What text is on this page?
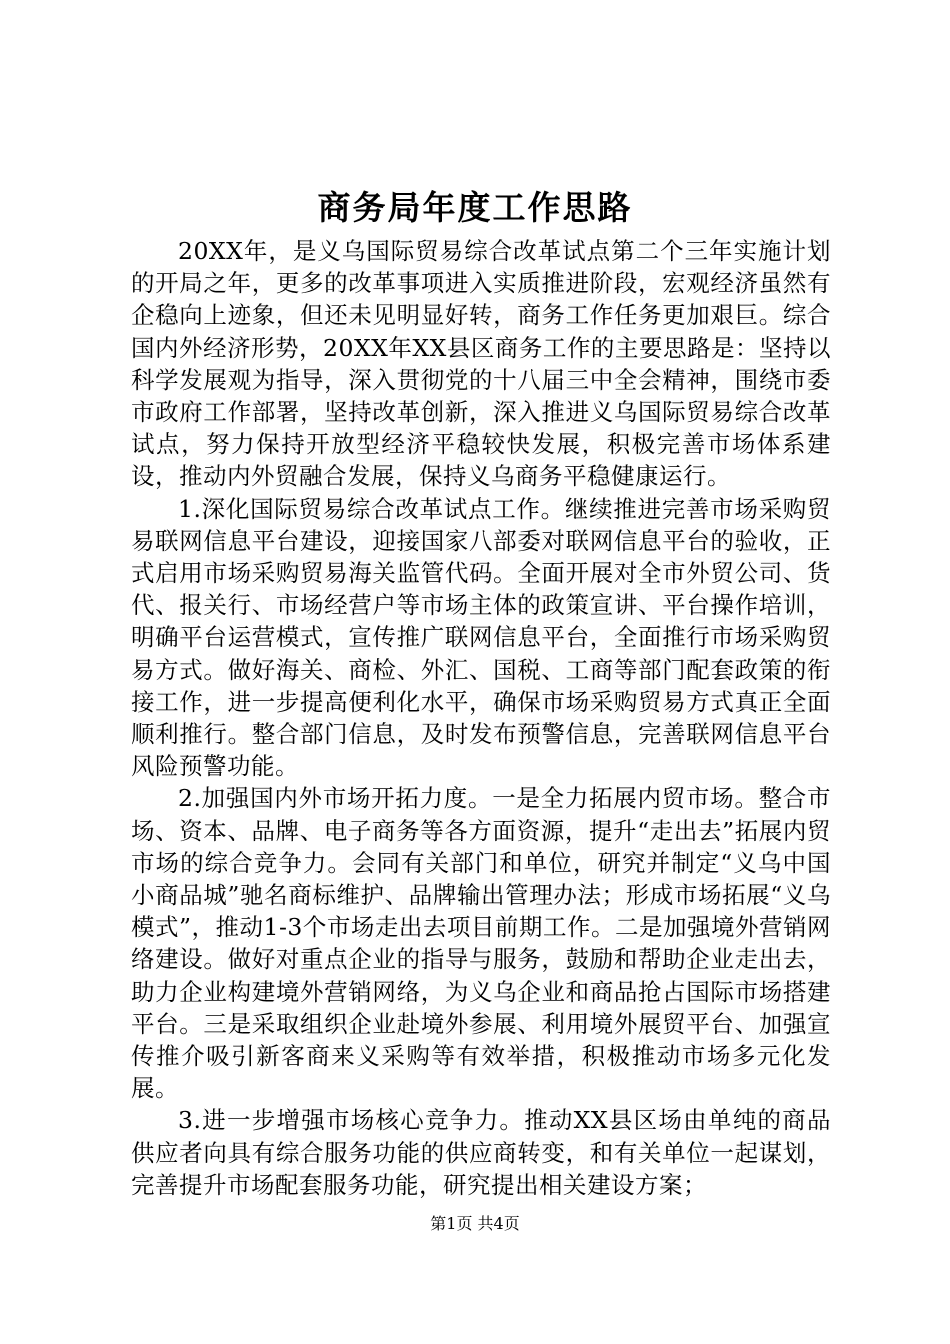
商务局年度工作思路

20XX年，是义乌国际贸易综合改革试点第二个三年实施计划的开局之年，更多的改革事项进入实质推进阶段，宏观经济虽然有企稳向上迹象，但还未见明显好转，商务工作任务更加艰巨。综合国内外经济形势，20XX年XX县区商务工作的主要思路是：坚持以科学发展观为指导，深入贯彻党的十八届三中全会精神，围绕市委市政府工作部署，坚持改革创新，深入推进义乌国际贸易综合改革试点，努力保持开放型经济平稳较快发展，积极完善市场体系建设，推动内外贸融合发展，保持义乌商务平稳健康运行。

1.深化国际贸易综合改革试点工作。继续推进完善市场采购贸易联网信息平台建设，迎接国家八部委对联网信息平台的验收，正式启用市场采购贸易海关监管代码。全面开展对全市外贸公司、货代、报关行、市场经营户等市场主体的政策宣讲、平台操作培训，明确平台运营模式，宣传推广联网信息平台，全面推行市场采购贸易方式。做好海关、商检、外汇、国税、工商等部门配套政策的衔接工作，进一步提高便利化水平，确保市场采购贸易方式真正全面顺利推行。整合部门信息，及时发布预警信息，完善联网信息平台风险预警功能。

2.加强国内外市场开拓力度。一是全力拓展内贸市场。整合市场、资本、品牌、电子商务等各方面资源，提升“走出去”拓展内贸市场的综合竞争力。会同有关部门和单位，研究并制定“义乌中国小商品城”驰名商标维护、品牌输出管理办法；形成市场拓展“义乌模式”，推动1-3个市场走出去项目前期工作。二是加强境外营销网络建设。做好对重点企业的指导与服务，鼓励和帮助企业走出去，助力企业构建境外营销网络，为义乌企业和商品抢占国际市场搭建平台。三是采取组织企业赴境外参展、利用境外展贸平台、加强宣传推介吸引新客商来义采购等有效举措，积极推动市场多元化发展。

3.进一步增强市场核心竞争力。推动XX县区场由单纯的商品供应者向具有综合服务功能的供应商转变，和有关单位一起谋划，完善提升市场配套服务功能，研究提出相关建设方案；

第1页 共4页
